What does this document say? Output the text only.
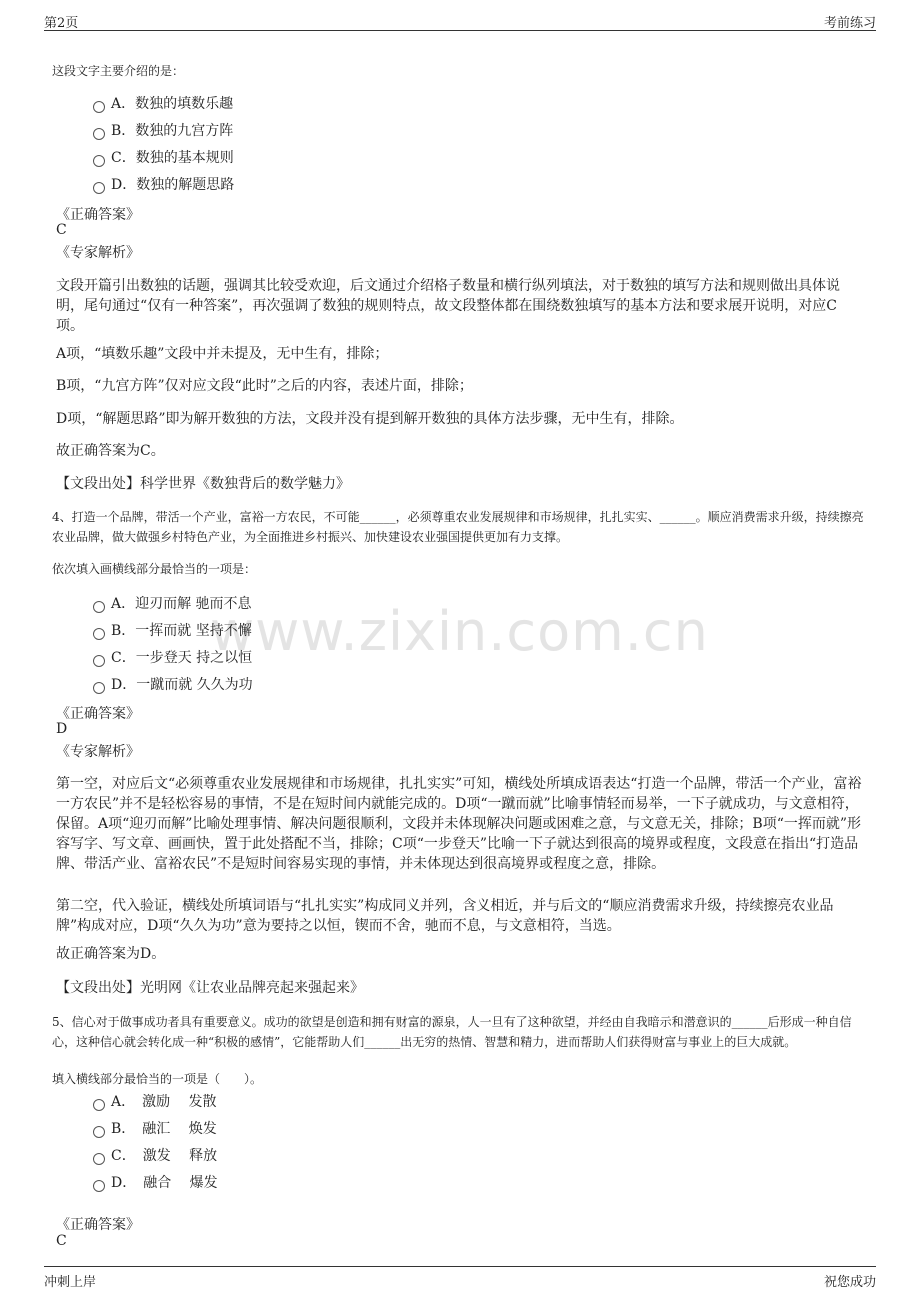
第2页	考前练习
www.zixin.com.cn
这段文字主要介绍的是：
A．数独的填数乐趣
B．数独的九宫方阵
C．数独的基本规则
D．数独的解题思路
《正确答案》
C
《专家解析》
文段开篇引出数独的话题，强调其比较受欢迎，后文通过介绍格子数量和横行纵列填法，对于数独的填写方法和规则做出具体说明，尾句通过“仅有一种答案”，再次强调了数独的规则特点，故文段整体都在围绕数独填写的基本方法和要求展开说明，对应C项。
A项，“填数乐趣”文段中并未提及，无中生有，排除；
B项，“九宫方阵”仅对应文段“此时”之后的内容，表述片面，排除；
D项，“解题思路”即为解开数独的方法，文段并没有提到解开数独的具体方法步骤，无中生有，排除。
故正确答案为C。
【文段出处】科学世界《数独背后的数学魅力》
4、打造一个品牌，带活一个产业，富裕一方农民，不可能______，必须尊重农业发展规律和市场规律，扎扎实实、______。顺应消费需求升级，持续擦亮农业品牌，做大做强乡村特色产业，为全面推进乡村振兴、加快建设农业强国提供更加有力支撑。
依次填入画横线部分最恰当的一项是：
A．迎刃而解 驰而不息
B．一挥而就 坚持不懈
C．一步登天 持之以恒
D．一蹴而就 久久为功
《正确答案》
D
《专家解析》
第一空，对应后文“必须尊重农业发展规律和市场规律，扎扎实实”可知，横线处所填成语表达“打造一个品牌，带活一个产业，富裕一方农民”并不是轻松容易的事情，不是在短时间内就能完成的。D项“一蹴而就”比喻事情轻而易举，一下子就成功，与文意相符，保留。A项“迎刃而解”比喻处理事情、解决问题很顺利，文段并未体现解决问题或困难之意，与文意无关，排除；B项“一挥而就”形容写字、写文章、画画快，置于此处搭配不当，排除；C项“一步登天”比喻一下子就达到很高的境界或程度，文段意在指出“打造品牌、带活产业、富裕农民”不是短时间容易实现的事情，并未体现达到很高境界或程度之意，排除。
第二空，代入验证，横线处所填词语与“扎扎实实”构成同义并列，含义相近，并与后文的“顺应消费需求升级，持续擦亮农业品牌”构成对应，D项“久久为功”意为要持之以恒，锲而不舍，驰而不息，与文意相符，当选。
故正确答案为D。
【文段出处】光明网《让农业品牌亮起来强起来》
5、信心对于做事成功者具有重要意义。成功的欲望是创造和拥有财富的源泉，人一旦有了这种欲望，并经由自我暗示和潜意识的______后形成一种自信心，这种信心就会转化成一种“积极的感情”，它能帮助人们______出无穷的热情、智慧和精力，进而帮助人们获得财富与事业上的巨大成就。
填入横线部分最恰当的一项是（　　）。
A．　激励　 发散
B．　融汇　 焕发
C．　激发　 释放
D．　融合　 爆发
《正确答案》
C
冲刺上岸	祝您成功
